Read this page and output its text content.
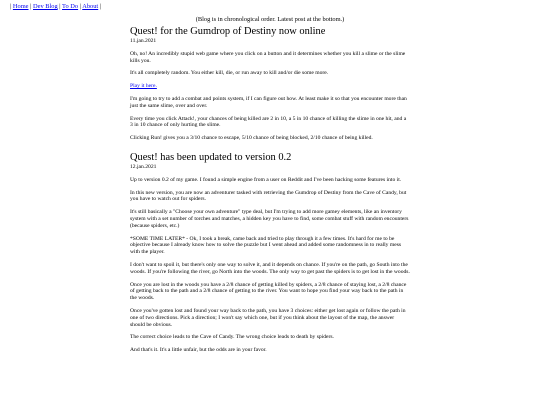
| Home | Dev Blog | To Do | About |
(Blog is in chronological order. Latest post at the bottom.)
Quest! for the Gumdrop of Destiny now online

11.jan.2021

Oh, no! An incredibly stupid web game where you click on a button and it determines whether you kill a slime or the slime kills you.

It's all completely random. You either kill, die, or run away to kill and/or die some more.

Play it here.

I'm going to try to add a combat and points system, if I can figure out how. At least make it so that you encounter more than just the same slime, over and over.

Every time you click Attack!, your chances of being killed are 2 in 10, a 5 in 10 chance of killing the slime in one hit, and a 3 in 10 chance of only hurting the slime.

Clicking Run! gives you a 3/10 chance to escape, 5/10 chance of being blocked, 2/10 chance of being killed.

Quest! has been updated to version 0.2

12.jan.2021

Up to version 0.2 of my game. I found a simple engine from a user on Reddit and I've been hacking some features into it.

In this new version, you are now an adventurer tasked with retrieving the Gumdrop of Destiny from the Cave of Candy, but you have to watch out for spiders.

It's still basically a "Choose your own adventure" type deal, but I'm trying to add more gamey elements, like an inventory system with a set number of torches and matches, a hidden key you have to find, some combat stuff with random encounters (because spiders, etc.)

*SOME TIME LATER* - Ok, I took a break, came back and tried to play through it a few times. It's hard for me to be objective because I already know how to solve the puzzle but I went ahead and added some randomness in to really mess with the player.

I don't want to spoil it, but there's only one way to solve it, and it depends on chance. If you're on the path, go South into the woods. If you're following the river, go North into the woods. The only way to get past the spiders is to get lost in the woods.

Once you are lost in the woods you have a 2/8 chance of getting killed by spiders, a 2/8 chance of staying lost, a 2/8 chance of getting back to the path and a 2/8 chance of getting to the river. You want to hope you find your way back to the path in the woods.

Once you've gotten lost and found your way back to the path, you have 3 choices: either get lost again or follow the path in one of two directions. Pick a direction; I won't say which one, but if you think about the layout of the map, the answer should be obvious.

The correct choice leads to the Cave of Candy. The wrong choice leads to death by spiders.

And that's it. It's a little unfair, but the odds are in your favor.
